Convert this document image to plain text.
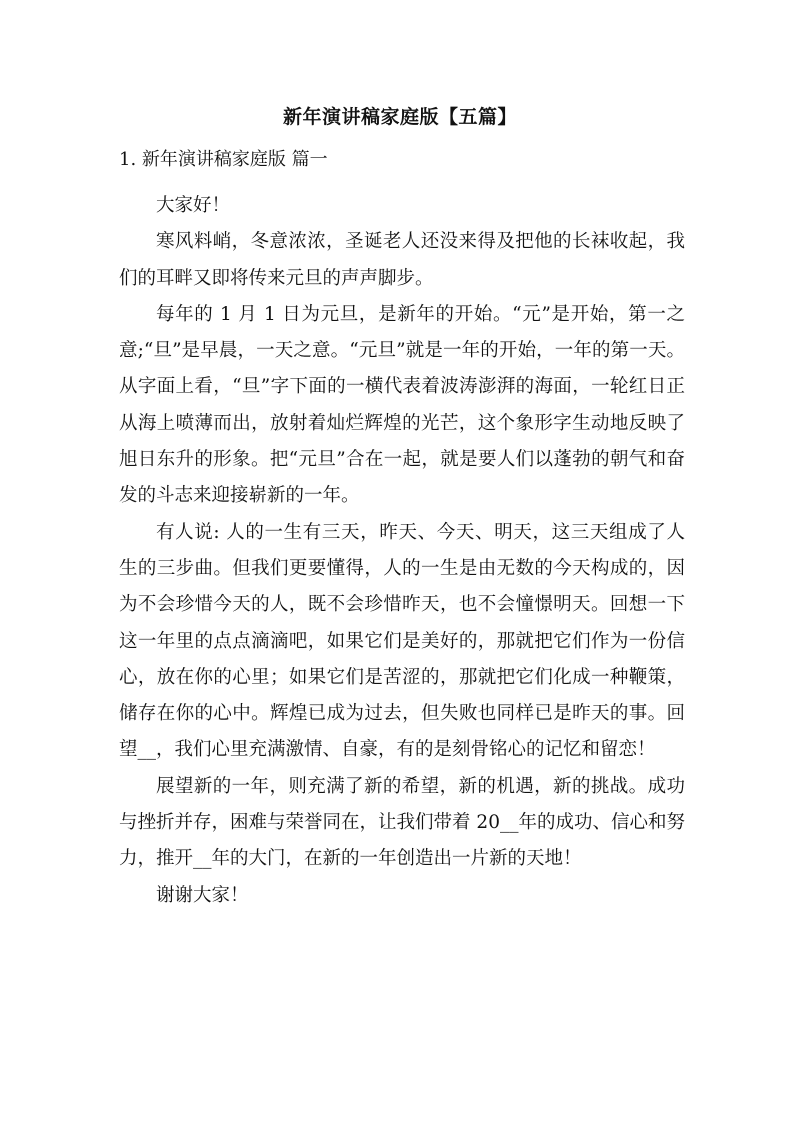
新年演讲稿家庭版【五篇】
1. 新年演讲稿家庭版 篇一

大家好！

寒风料峭，冬意浓浓，圣诞老人还没来得及把他的长袜收起，我们的耳畔又即将传来元旦的声声脚步。

每年的 1 月 1 日为元旦，是新年的开始。“元”是开始，第一之意;“旦”是早晨，一天之意。“元旦”就是一年的开始，一年的第一天。从字面上看，“旦”字下面的一横代表着波涛澎湃的海面，一轮红日正从海上喷薄而出，放射着灿烂辉煌的光芒，这个象形字生动地反映了旭日东升的形象。把“元旦”合在一起，就是要人们以蓬勃的朝气和奋发的斗志来迎接崭新的一年。

有人说: 人的一生有三天，昨天、今天、明天，这三天组成了人生的三步曲。但我们更要懂得，人的一生是由无数的今天构成的，因为不会珍惜今天的人，既不会珍惜昨天，也不会憧憬明天。回想一下这一年里的点点滴滴吧，如果它们是美好的，那就把它们作为一份信心，放在你的心里；如果它们是苦涩的，那就把它们化成一种鞭策，储存在你的心中。辉煌已成为过去，但失败也同样已是昨天的事。回望__，我们心里充满激情、自豪，有的是刻骨铭心的记忆和留恋！

展望新的一年，则充满了新的希望，新的机遇，新的挑战。成功与挫折并存，困难与荣誉同在，让我们带着 20__年的成功、信心和努力，推开__年的大门，在新的一年创造出一片新的天地！

谢谢大家！
